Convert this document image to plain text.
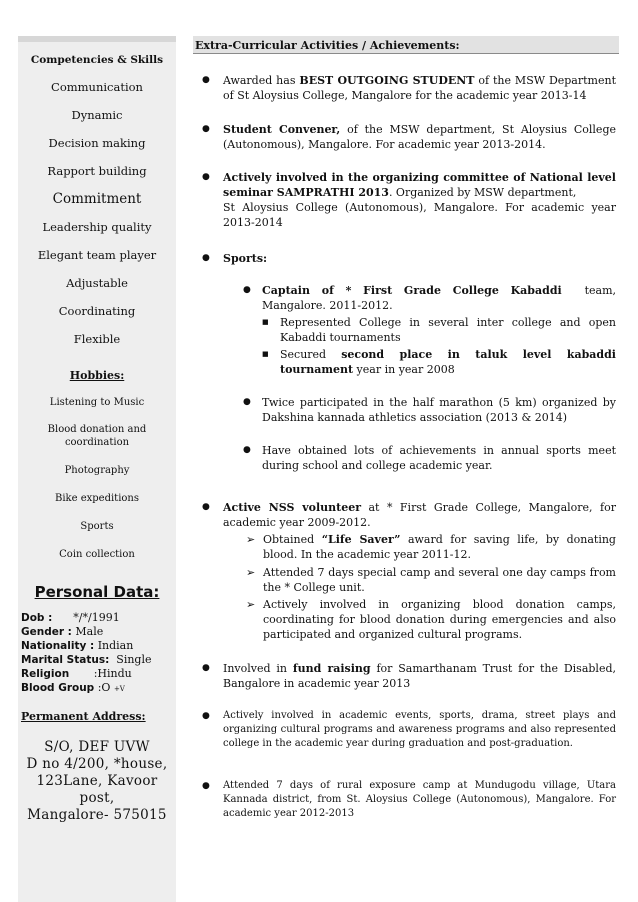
Competencies & Skills
Communication
Dynamic
Decision making
Rapport building
Commitment
Leadership quality
Elegant team player
Adjustable
Coordinating
Flexible
Hobbies:
Listening to Music
Blood donation and coordination
Photography
Bike expeditions
Sports
Coin collection
Personal Data:
Dob : */*/1991
Gender : Male
Nationality : Indian
Marital Status: Single
Religion :Hindu
Blood Group :O +V
Permanent Address:
S/O, DEF UVW
D no 4/200, *house,
123Lane, Kavoor post,
Mangalore- 575015
Extra-Curricular Activities / Achievements:
● Awarded has BEST OUTGOING STUDENT of the MSW Department of St Aloysius College, Mangalore for the academic year 2013-14
● Student Convener, of the MSW department, St Aloysius College (Autonomous), Mangalore. For academic year 2013-2014.
● Actively involved in the organizing committee of National level seminar SAMPRATHI 2013. Organized by MSW department,
St Aloysius College (Autonomous), Mangalore. For academic year 2013-2014
● Sports:
● Captain of * First Grade College Kabaddi team,
Mangalore. 2011-2012.
■ Represented College in several inter college and open Kabaddi tournaments
■ Secured second place in taluk level kabaddi tournament year in year 2008
● Twice participated in the half marathon (5 km) organized by Dakshina kannada athletics association (2013 & 2014)
● Have obtained lots of achievements in annual sports meet during school and college academic year.
● Active NSS volunteer at * First Grade College, Mangalore, for academic year 2009-2012.
➢ Obtained “Life Saver” award for saving life, by donating blood. In the academic year 2011-12.
➢ Attended 7 days special camp and several one day camps from the * College unit.
➢ Actively involved in organizing blood donation camps, coordinating for blood donation during emergencies and also participated and organized cultural programs.
● Involved in fund raising for Samarthanam Trust for the Disabled, Bangalore in academic year 2013
● Actively involved in academic events, sports, drama, street plays and organizing cultural programs and awareness programs and also represented college in the academic year during graduation and post-graduation.
● Attended 7 days of rural exposure camp at Mundugodu village, Utara Kannada district, from St. Aloysius College (Autonomous), Mangalore. For academic year 2012-2013
